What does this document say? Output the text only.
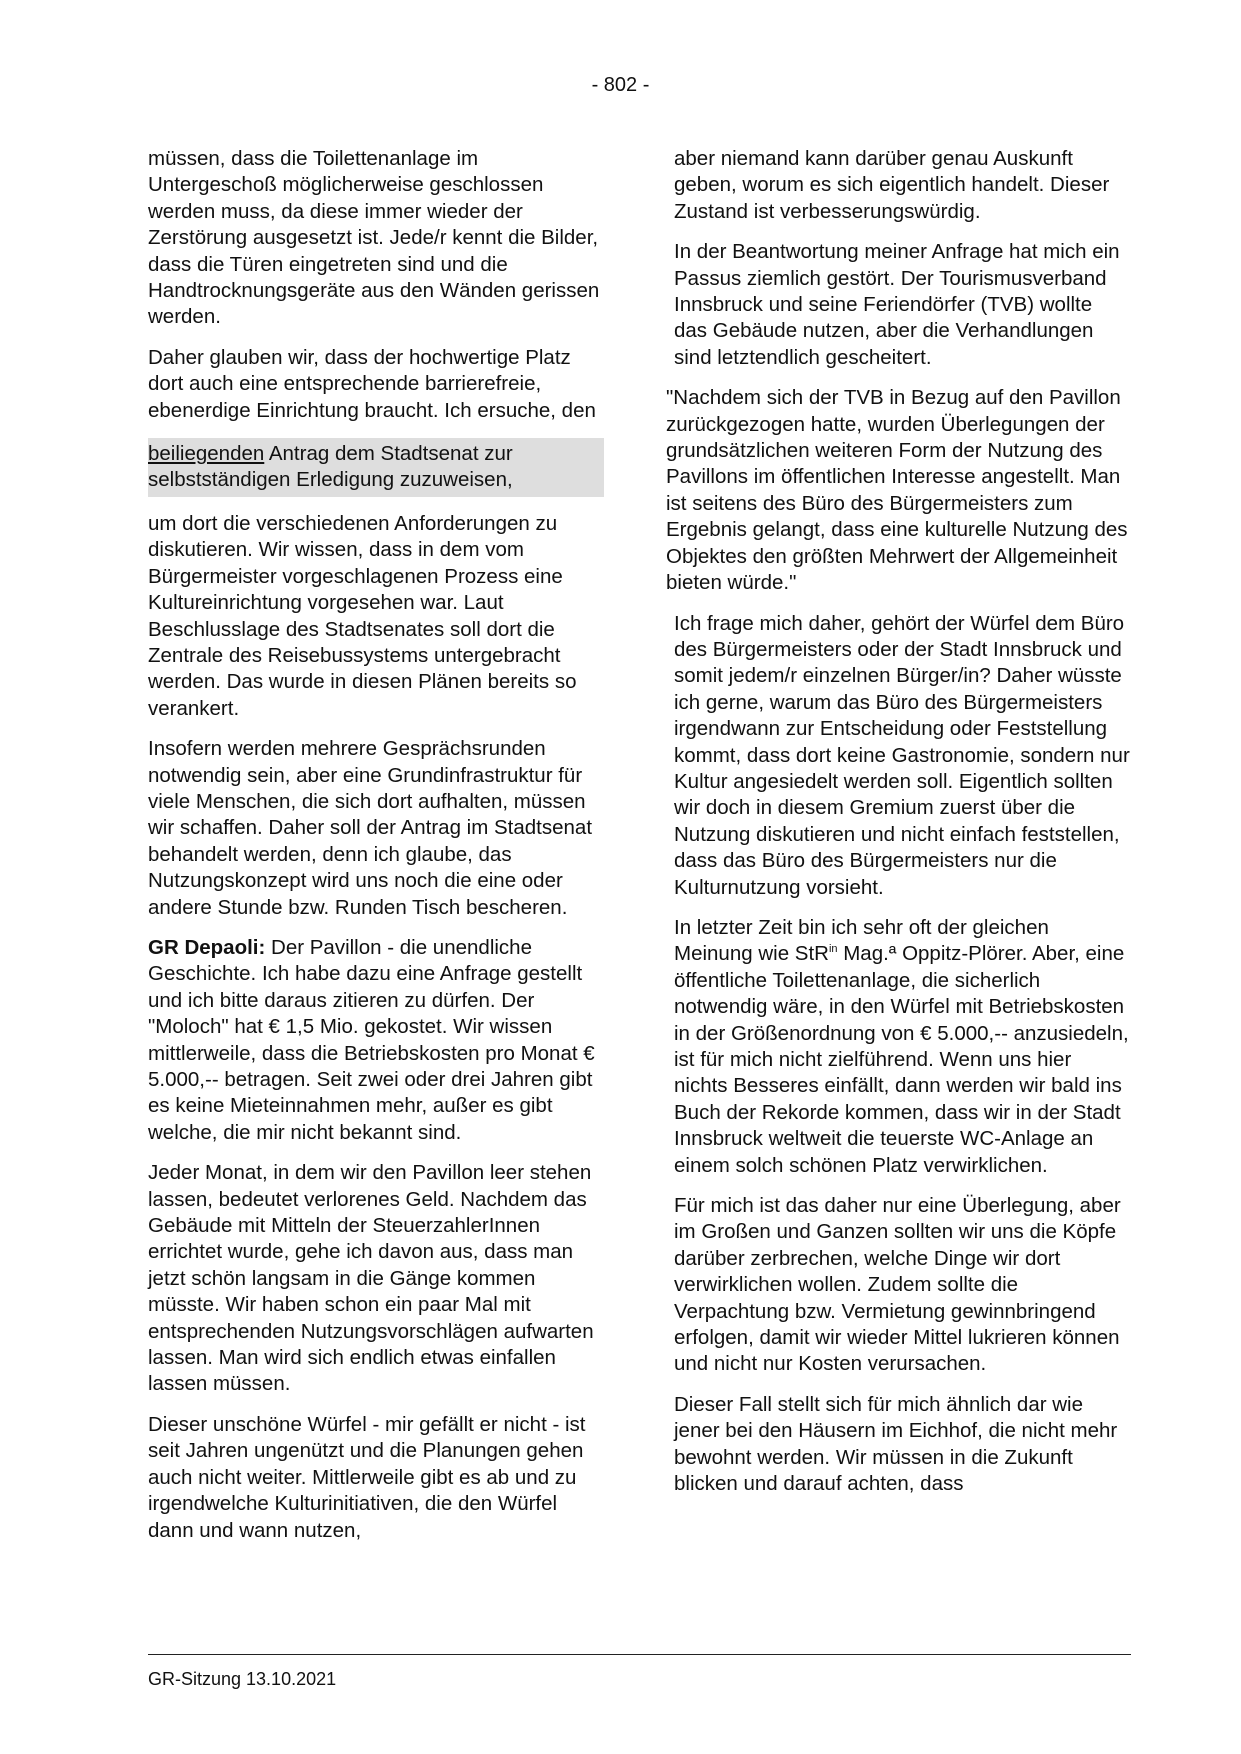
- 802 -

müssen, dass die Toilettenanlage im Untergeschoß möglicherweise geschlossen werden muss, da diese immer wieder der Zerstörung ausgesetzt ist. Jede/r kennt die Bilder, dass die Türen eingetreten sind und die Handtrocknungsgeräte aus den Wänden gerissen werden.

Daher glauben wir, dass der hochwertige Platz dort auch eine entsprechende barrierefreie, ebenerdige Einrichtung braucht. Ich ersuche, den

beiliegenden Antrag dem Stadtsenat zur selbstständigen Erledigung zuzuweisen,

um dort die verschiedenen Anforderungen zu diskutieren. Wir wissen, dass in dem vom Bürgermeister vorgeschlagenen Prozess eine Kultureinrichtung vorgesehen war. Laut Beschlusslage des Stadtsenates soll dort die Zentrale des Reisebussystems untergebracht werden. Das wurde in diesen Plänen bereits so verankert.

Insofern werden mehrere Gesprächsrunden notwendig sein, aber eine Grundinfrastruktur für viele Menschen, die sich dort aufhalten, müssen wir schaffen. Daher soll der Antrag im Stadtsenat behandelt werden, denn ich glaube, das Nutzungskonzept wird uns noch die eine oder andere Stunde bzw. Runden Tisch bescheren.

GR Depaoli: Der Pavillon - die unendliche Geschichte. Ich habe dazu eine Anfrage gestellt und ich bitte daraus zitieren zu dürfen. Der "Moloch" hat € 1,5 Mio. gekostet. Wir wissen mittlerweile, dass die Betriebskosten pro Monat € 5.000,-- betragen. Seit zwei oder drei Jahren gibt es keine Mieteinnahmen mehr, außer es gibt welche, die mir nicht bekannt sind.

Jeder Monat, in dem wir den Pavillon leer stehen lassen, bedeutet verlorenes Geld. Nachdem das Gebäude mit Mitteln der SteuerzahlerInnen errichtet wurde, gehe ich davon aus, dass man jetzt schön langsam in die Gänge kommen müsste. Wir haben schon ein paar Mal mit entsprechenden Nutzungsvorschlägen aufwarten lassen. Man wird sich endlich etwas einfallen lassen müssen.

Dieser unschöne Würfel - mir gefällt er nicht - ist seit Jahren ungenützt und die Planungen gehen auch nicht weiter. Mittlerweile gibt es ab und zu irgendwelche Kulturinitiativen, die den Würfel dann und wann nutzen,

aber niemand kann darüber genau Auskunft geben, worum es sich eigentlich handelt. Dieser Zustand ist verbesserungswürdig.

In der Beantwortung meiner Anfrage hat mich ein Passus ziemlich gestört. Der Tourismusverband Innsbruck und seine Feriendörfer (TVB) wollte das Gebäude nutzen, aber die Verhandlungen sind letztendlich gescheitert.

"Nachdem sich der TVB in Bezug auf den Pavillon zurückgezogen hatte, wurden Überlegungen der grundsätzlichen weiteren Form der Nutzung des Pavillons im öffentlichen Interesse angestellt. Man ist seitens des Büro des Bürgermeisters zum Ergebnis gelangt, dass eine kulturelle Nutzung des Objektes den größten Mehrwert der Allgemeinheit bieten würde."

Ich frage mich daher, gehört der Würfel dem Büro des Bürgermeisters oder der Stadt Innsbruck und somit jedem/r einzelnen Bürger/in? Daher wüsste ich gerne, warum das Büro des Bürgermeisters irgendwann zur Entscheidung oder Feststellung kommt, dass dort keine Gastronomie, sondern nur Kultur angesiedelt werden soll. Eigentlich sollten wir doch in diesem Gremium zuerst über die Nutzung diskutieren und nicht einfach feststellen, dass das Büro des Bürgermeisters nur die Kulturnutzung vorsieht.

In letzter Zeit bin ich sehr oft der gleichen Meinung wie StR$^{in}$ Mag.ª Oppitz-Plörer. Aber, eine öffentliche Toilettenanlage, die sicherlich notwendig wäre, in den Würfel mit Betriebskosten in der Größenordnung von € 5.000,-- anzusiedeln, ist für mich nicht zielführend. Wenn uns hier nichts Besseres einfällt, dann werden wir bald ins Buch der Rekorde kommen, dass wir in der Stadt Innsbruck weltweit die teuerste WC-Anlage an einem solch schönen Platz verwirklichen.

Für mich ist das daher nur eine Überlegung, aber im Großen und Ganzen sollten wir uns die Köpfe darüber zerbrechen, welche Dinge wir dort verwirklichen wollen. Zudem sollte die Verpachtung bzw. Vermietung gewinnbringend erfolgen, damit wir wieder Mittel lukrieren können und nicht nur Kosten verursachen.

Dieser Fall stellt sich für mich ähnlich dar wie jener bei den Häusern im Eichhof, die nicht mehr bewohnt werden. Wir müssen in die Zukunft blicken und darauf achten, dass

GR-Sitzung 13.10.2021
